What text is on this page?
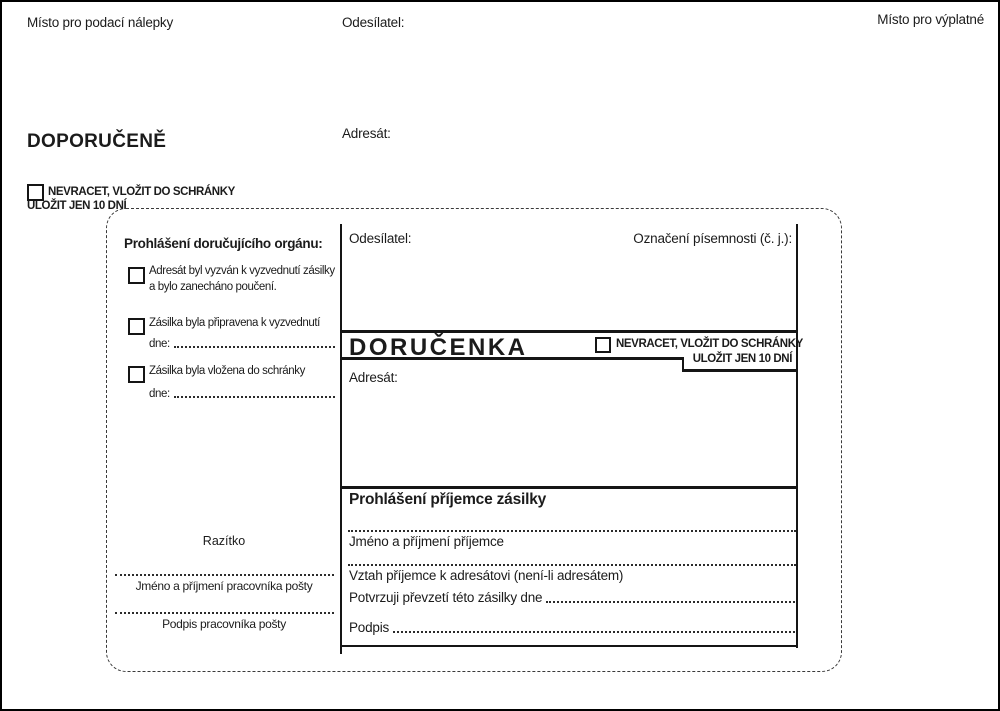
Místo pro podací nálepky	Odesílatel:	Místo pro výplatné
DOPORUČENĚ	Adresát:
NEVRACET, VLOŽIT DO SCHRÁNKY
ULOŽIT JEN 10 DNÍ
Prohlášení doručujícího orgánu:
Adresát byl vyzván k vyzvednutí zásilky
a bylo zanecháno poučení.
Zásilka byla připravena k vyzvednutí
dne:
Zásilka byla vložena do schránky
dne:
Razítko
Jméno a příjmení pracovníka pošty
Podpis pracovníka pošty
Odesílatel:	Označení písemnosti (č. j.):
DORUČENKA	NEVRACET, VLOŽIT DO SCHRÁNKY
ULOŽIT JEN 10 DNÍ
Adresát:
Prohlášení příjemce zásilky
Jméno a příjmení příjemce
Vztah příjemce k adresátovi (není-li adresátem)
Potvrzuji převzetí této zásilky dne
Podpis
